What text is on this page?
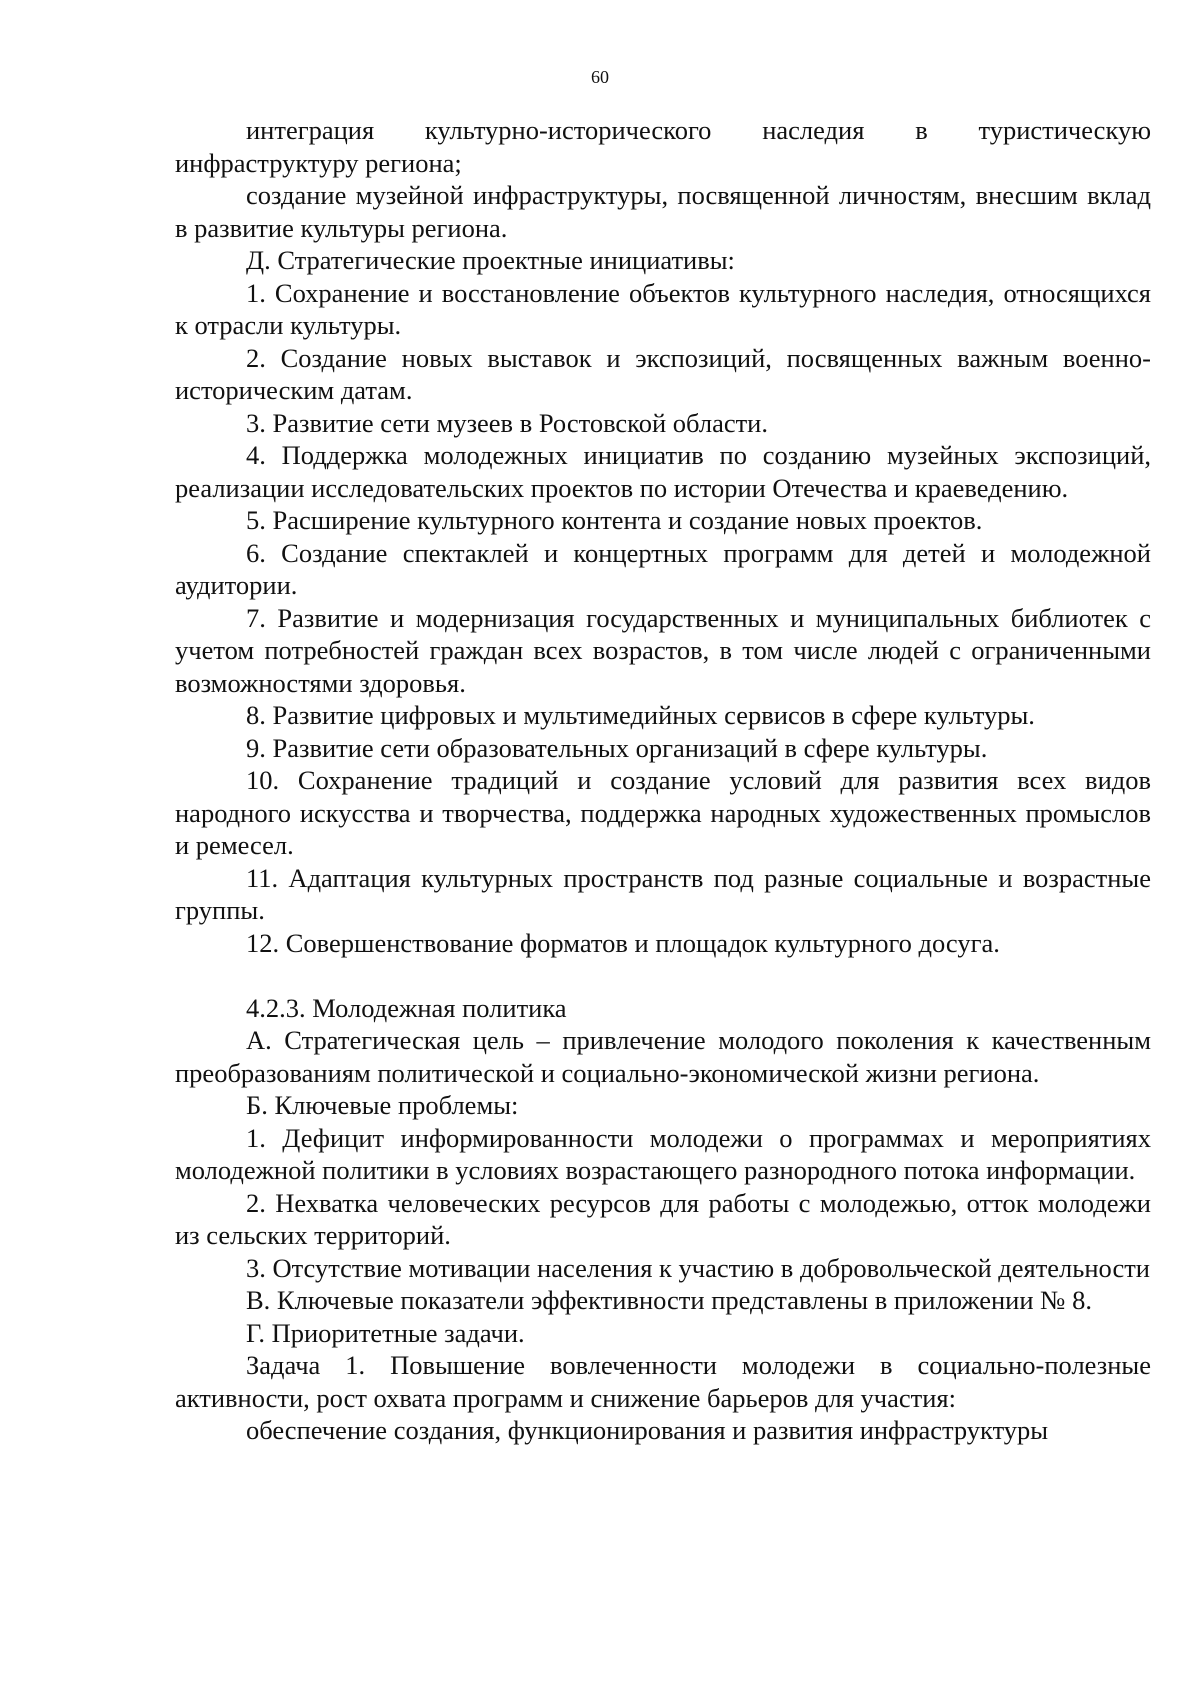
60

интеграция культурно-исторического наследия в туристическую инфраструктуру региона;

создание музейной инфраструктуры, посвященной личностям, внесшим вклад в развитие культуры региона.

Д. Стратегические проектные инициативы:

1. Сохранение и восстановление объектов культурного наследия, относящихся к отрасли культуры.

2. Создание новых выставок и экспозиций, посвященных важным военно-историческим датам.

3. Развитие сети музеев в Ростовской области.

4. Поддержка молодежных инициатив по созданию музейных экспозиций, реализации исследовательских проектов по истории Отечества и краеведению.

5. Расширение культурного контента и создание новых проектов.

6. Создание спектаклей и концертных программ для детей и молодежной аудитории.

7. Развитие и модернизация государственных и муниципальных библиотек с учетом потребностей граждан всех возрастов, в том числе людей с ограниченными возможностями здоровья.

8. Развитие цифровых и мультимедийных сервисов в сфере культуры.

9. Развитие сети образовательных организаций в сфере культуры.

10. Сохранение традиций и создание условий для развития всех видов народного искусства и творчества, поддержка народных художественных промыслов и ремесел.

11. Адаптация культурных пространств под разные социальные и возрастные группы.

12. Совершенствование форматов и площадок культурного досуга.

4.2.3. Молодежная политика

А. Стратегическая цель – привлечение молодого поколения к качественным преобразованиям политической и социально-экономической жизни региона.

Б. Ключевые проблемы:

1. Дефицит информированности молодежи о программах и мероприятиях молодежной политики в условиях возрастающего разнородного потока информации.

2. Нехватка человеческих ресурсов для работы с молодежью, отток молодежи из сельских территорий.

3. Отсутствие мотивации населения к участию в добровольческой деятельности

В. Ключевые показатели эффективности представлены в приложении № 8.

Г. Приоритетные задачи.

Задача 1. Повышение вовлеченности молодежи в социально-полезные активности, рост охвата программ и снижение барьеров для участия:

обеспечение создания, функционирования и развития инфраструктуры
